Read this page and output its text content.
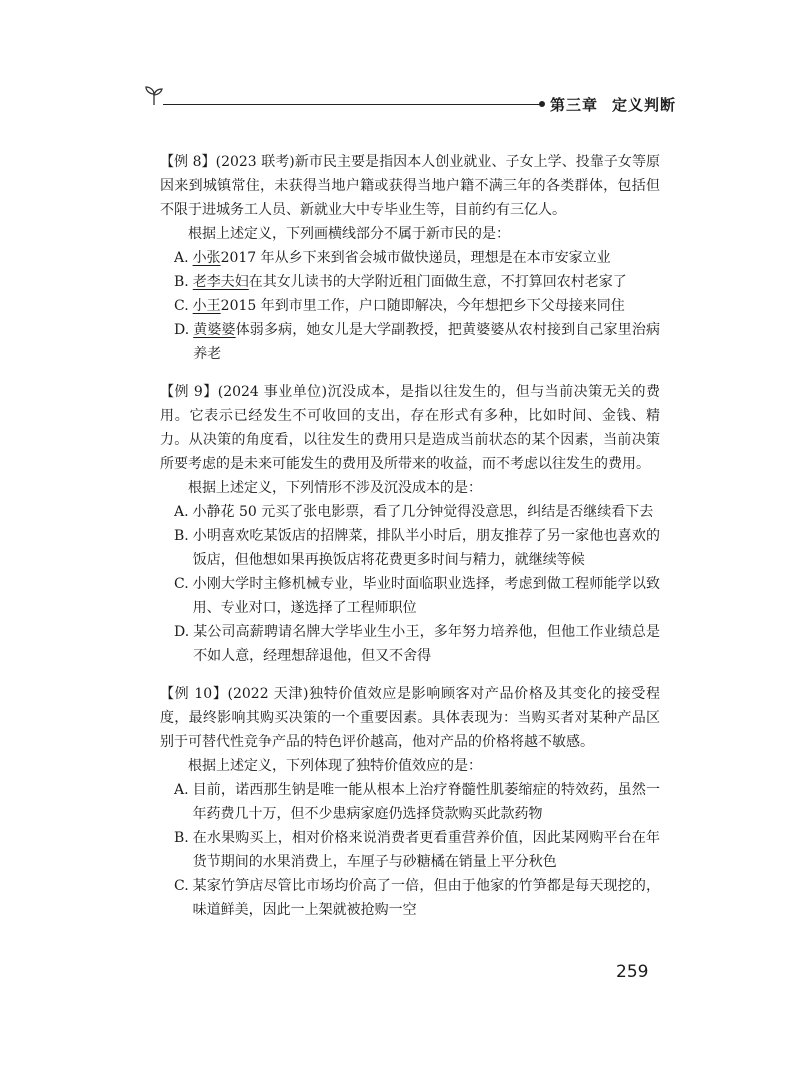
第三章 定义判断

【例 8】(2023 联考)新市民主要是指因本人创业就业、子女上学、投靠子女等原因来到城镇常住，未获得当地户籍或获得当地户籍不满三年的各类群体，包括但不限于进城务工人员、新就业大中专毕业生等，目前约有三亿人。

根据上述定义，下列画横线部分不属于新市民的是：

A. 小张2017 年从乡下来到省会城市做快递员，理想是在本市安家立业
B. 老李夫妇在其女儿读书的大学附近租门面做生意，不打算回农村老家了
C. 小王2015 年到市里工作，户口随即解决，今年想把乡下父母接来同住
D. 黄婆婆体弱多病，她女儿是大学副教授，把黄婆婆从农村接到自己家里治病养老

【例 9】(2024 事业单位)沉没成本，是指以往发生的，但与当前决策无关的费用。它表示已经发生不可收回的支出，存在形式有多种，比如时间、金钱、精力。从决策的角度看，以往发生的费用只是造成当前状态的某个因素，当前决策所要考虑的是未来可能发生的费用及所带来的收益，而不考虑以往发生的费用。

根据上述定义，下列情形不涉及沉没成本的是：

A. 小静花 50 元买了张电影票，看了几分钟觉得没意思，纠结是否继续看下去
B. 小明喜欢吃某饭店的招牌菜，排队半小时后，朋友推荐了另一家他也喜欢的饭店，但他想如果再换饭店将花费更多时间与精力，就继续等候
C. 小刚大学时主修机械专业，毕业时面临职业选择，考虑到做工程师能学以致用、专业对口，遂选择了工程师职位
D. 某公司高薪聘请名牌大学毕业生小王，多年努力培养他，但他工作业绩总是不如人意，经理想辞退他，但又不舍得

【例 10】(2022 天津)独特价值效应是影响顾客对产品价格及其变化的接受程度，最终影响其购买决策的一个重要因素。具体表现为：当购买者对某种产品区别于可替代性竞争产品的特色评价越高，他对产品的价格将越不敏感。

根据上述定义，下列体现了独特价值效应的是：

A. 目前，诺西那生钠是唯一能从根本上治疗脊髓性肌萎缩症的特效药，虽然一年药费几十万，但不少患病家庭仍选择贷款购买此款药物
B. 在水果购买上，相对价格来说消费者更看重营养价值，因此某网购平台在年货节期间的水果消费上，车厘子与砂糖橘在销量上平分秋色
C. 某家竹笋店尽管比市场均价高了一倍，但由于他家的竹笋都是每天现挖的，味道鲜美，因此一上架就被抢购一空
259
